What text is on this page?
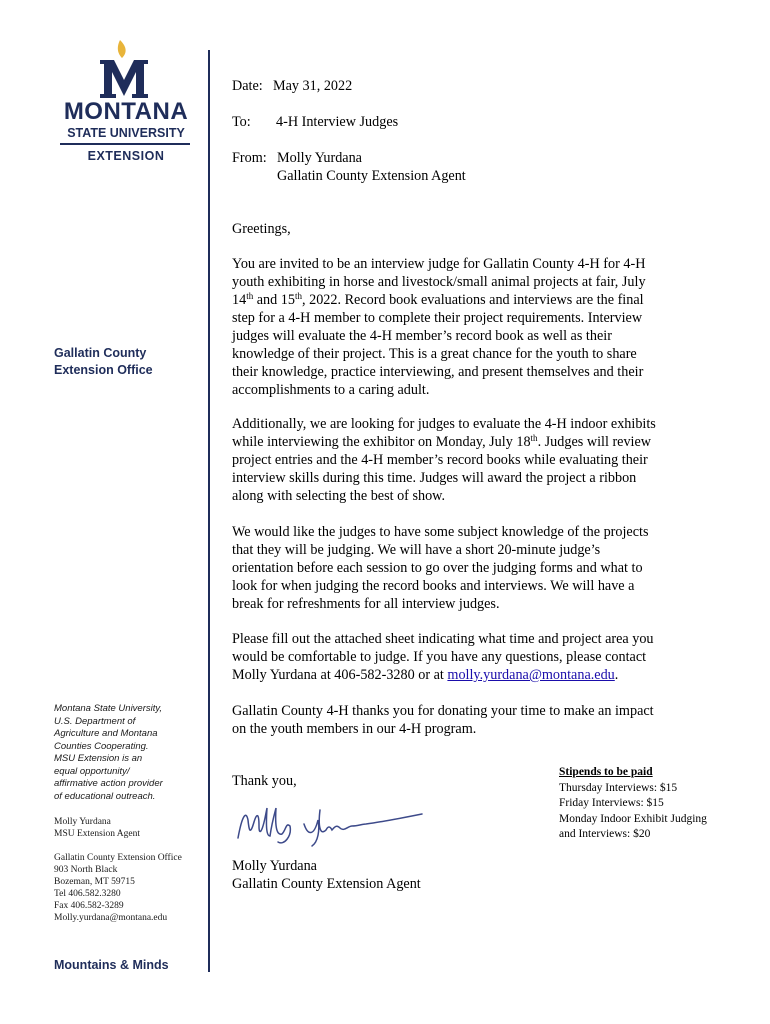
MONTANA
STATE UNIVERSITY
EXTENSION
Gallatin County
Extension Office
Montana State University,
U.S. Department of
Agriculture and Montana
Counties Cooperating.
MSU Extension is an
equal opportunity/
affirmative action provider
of educational outreach.
Molly Yurdana
MSU Extension Agent
Gallatin County Extension Office
903 North Black
Bozeman, MT 59715
Tel 406.582.3280
Fax 406.582-3289
Molly.yurdana@montana.edu
Mountains & Minds
Date: May 31, 2022
To: 4-H Interview Judges
From: Molly Yurdana
Gallatin County Extension Agent
Greetings,
You are invited to be an interview judge for Gallatin County 4-H for 4-H
youth exhibiting in horse and livestock/small animal projects at fair, July
14th and 15th, 2022. Record book evaluations and interviews are the final
step for a 4-H member to complete their project requirements. Interview
judges will evaluate the 4-H member’s record book as well as their
knowledge of their project. This is a great chance for the youth to share
their knowledge, practice interviewing, and present themselves and their
accomplishments to a caring adult.
Additionally, we are looking for judges to evaluate the 4-H indoor exhibits
while interviewing the exhibitor on Monday, July 18th. Judges will review
project entries and the 4-H member’s record books while evaluating their
interview skills during this time. Judges will award the project a ribbon
along with selecting the best of show.
We would like the judges to have some subject knowledge of the projects
that they will be judging. We will have a short 20-minute judge’s
orientation before each session to go over the judging forms and what to
look for when judging the record books and interviews. We will have a
break for refreshments for all interview judges.
Please fill out the attached sheet indicating what time and project area you
would be comfortable to judge. If you have any questions, please contact
Molly Yurdana at 406-582-3280 or at molly.yurdana@montana.edu.
Gallatin County 4-H thanks you for donating your time to make an impact
on the youth members in our 4-H program.
Thank you,
Molly Yurdana
Molly Yurdana
Gallatin County Extension Agent
Stipends to be paid
Thursday Interviews: $15
Friday Interviews: $15
Monday Indoor Exhibit Judging
and Interviews: $20
